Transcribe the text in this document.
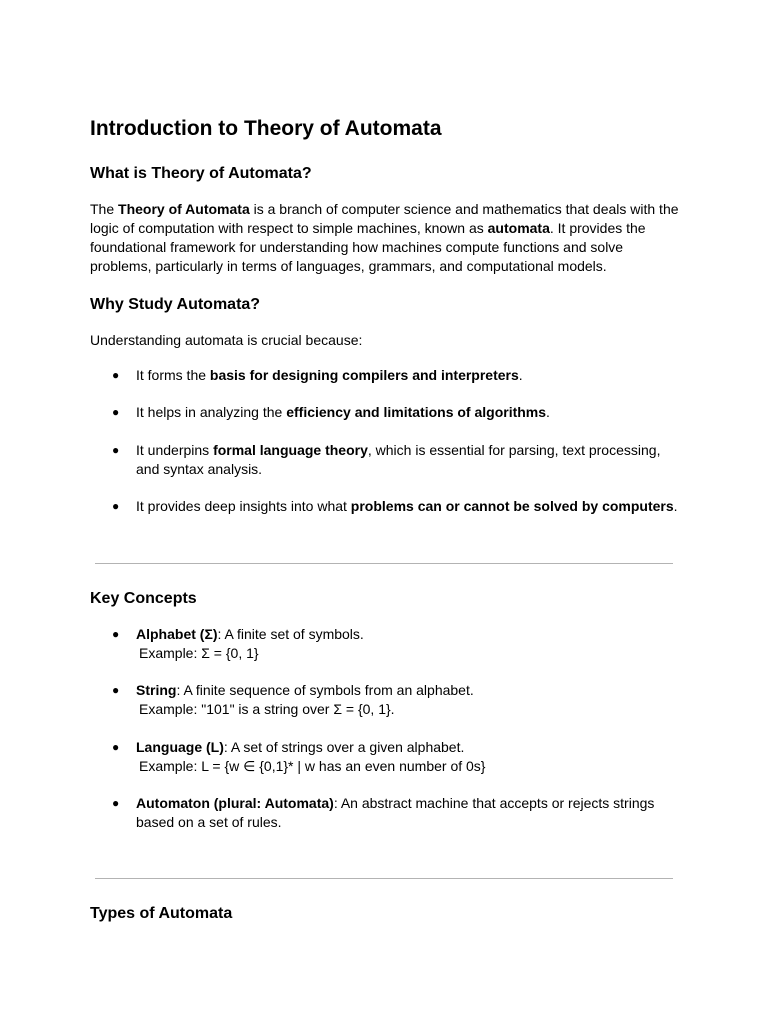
Introduction to Theory of Automata
What is Theory of Automata?

The Theory of Automata is a branch of computer science and mathematics that deals with the logic of computation with respect to simple machines, known as automata. It provides the foundational framework for understanding how machines compute functions and solve problems, particularly in terms of languages, grammars, and computational models.

Why Study Automata?

Understanding automata is crucial because:

● It forms the basis for designing compilers and interpreters.
● It helps in analyzing the efficiency and limitations of algorithms.
● It underpins formal language theory, which is essential for parsing, text processing, and syntax analysis.
● It provides deep insights into what problems can or cannot be solved by computers.
Key Concepts
● Alphabet (Σ): A finite set of symbols.
Example: Σ = {0, 1}
● String: A finite sequence of symbols from an alphabet.
Example: "101" is a string over Σ = {0, 1}.
● Language (L): A set of strings over a given alphabet.
Example: L = {w ∈ {0,1}* | w has an even number of 0s}
● Automaton (plural: Automata): An abstract machine that accepts or rejects strings based on a set of rules.
Types of Automata
